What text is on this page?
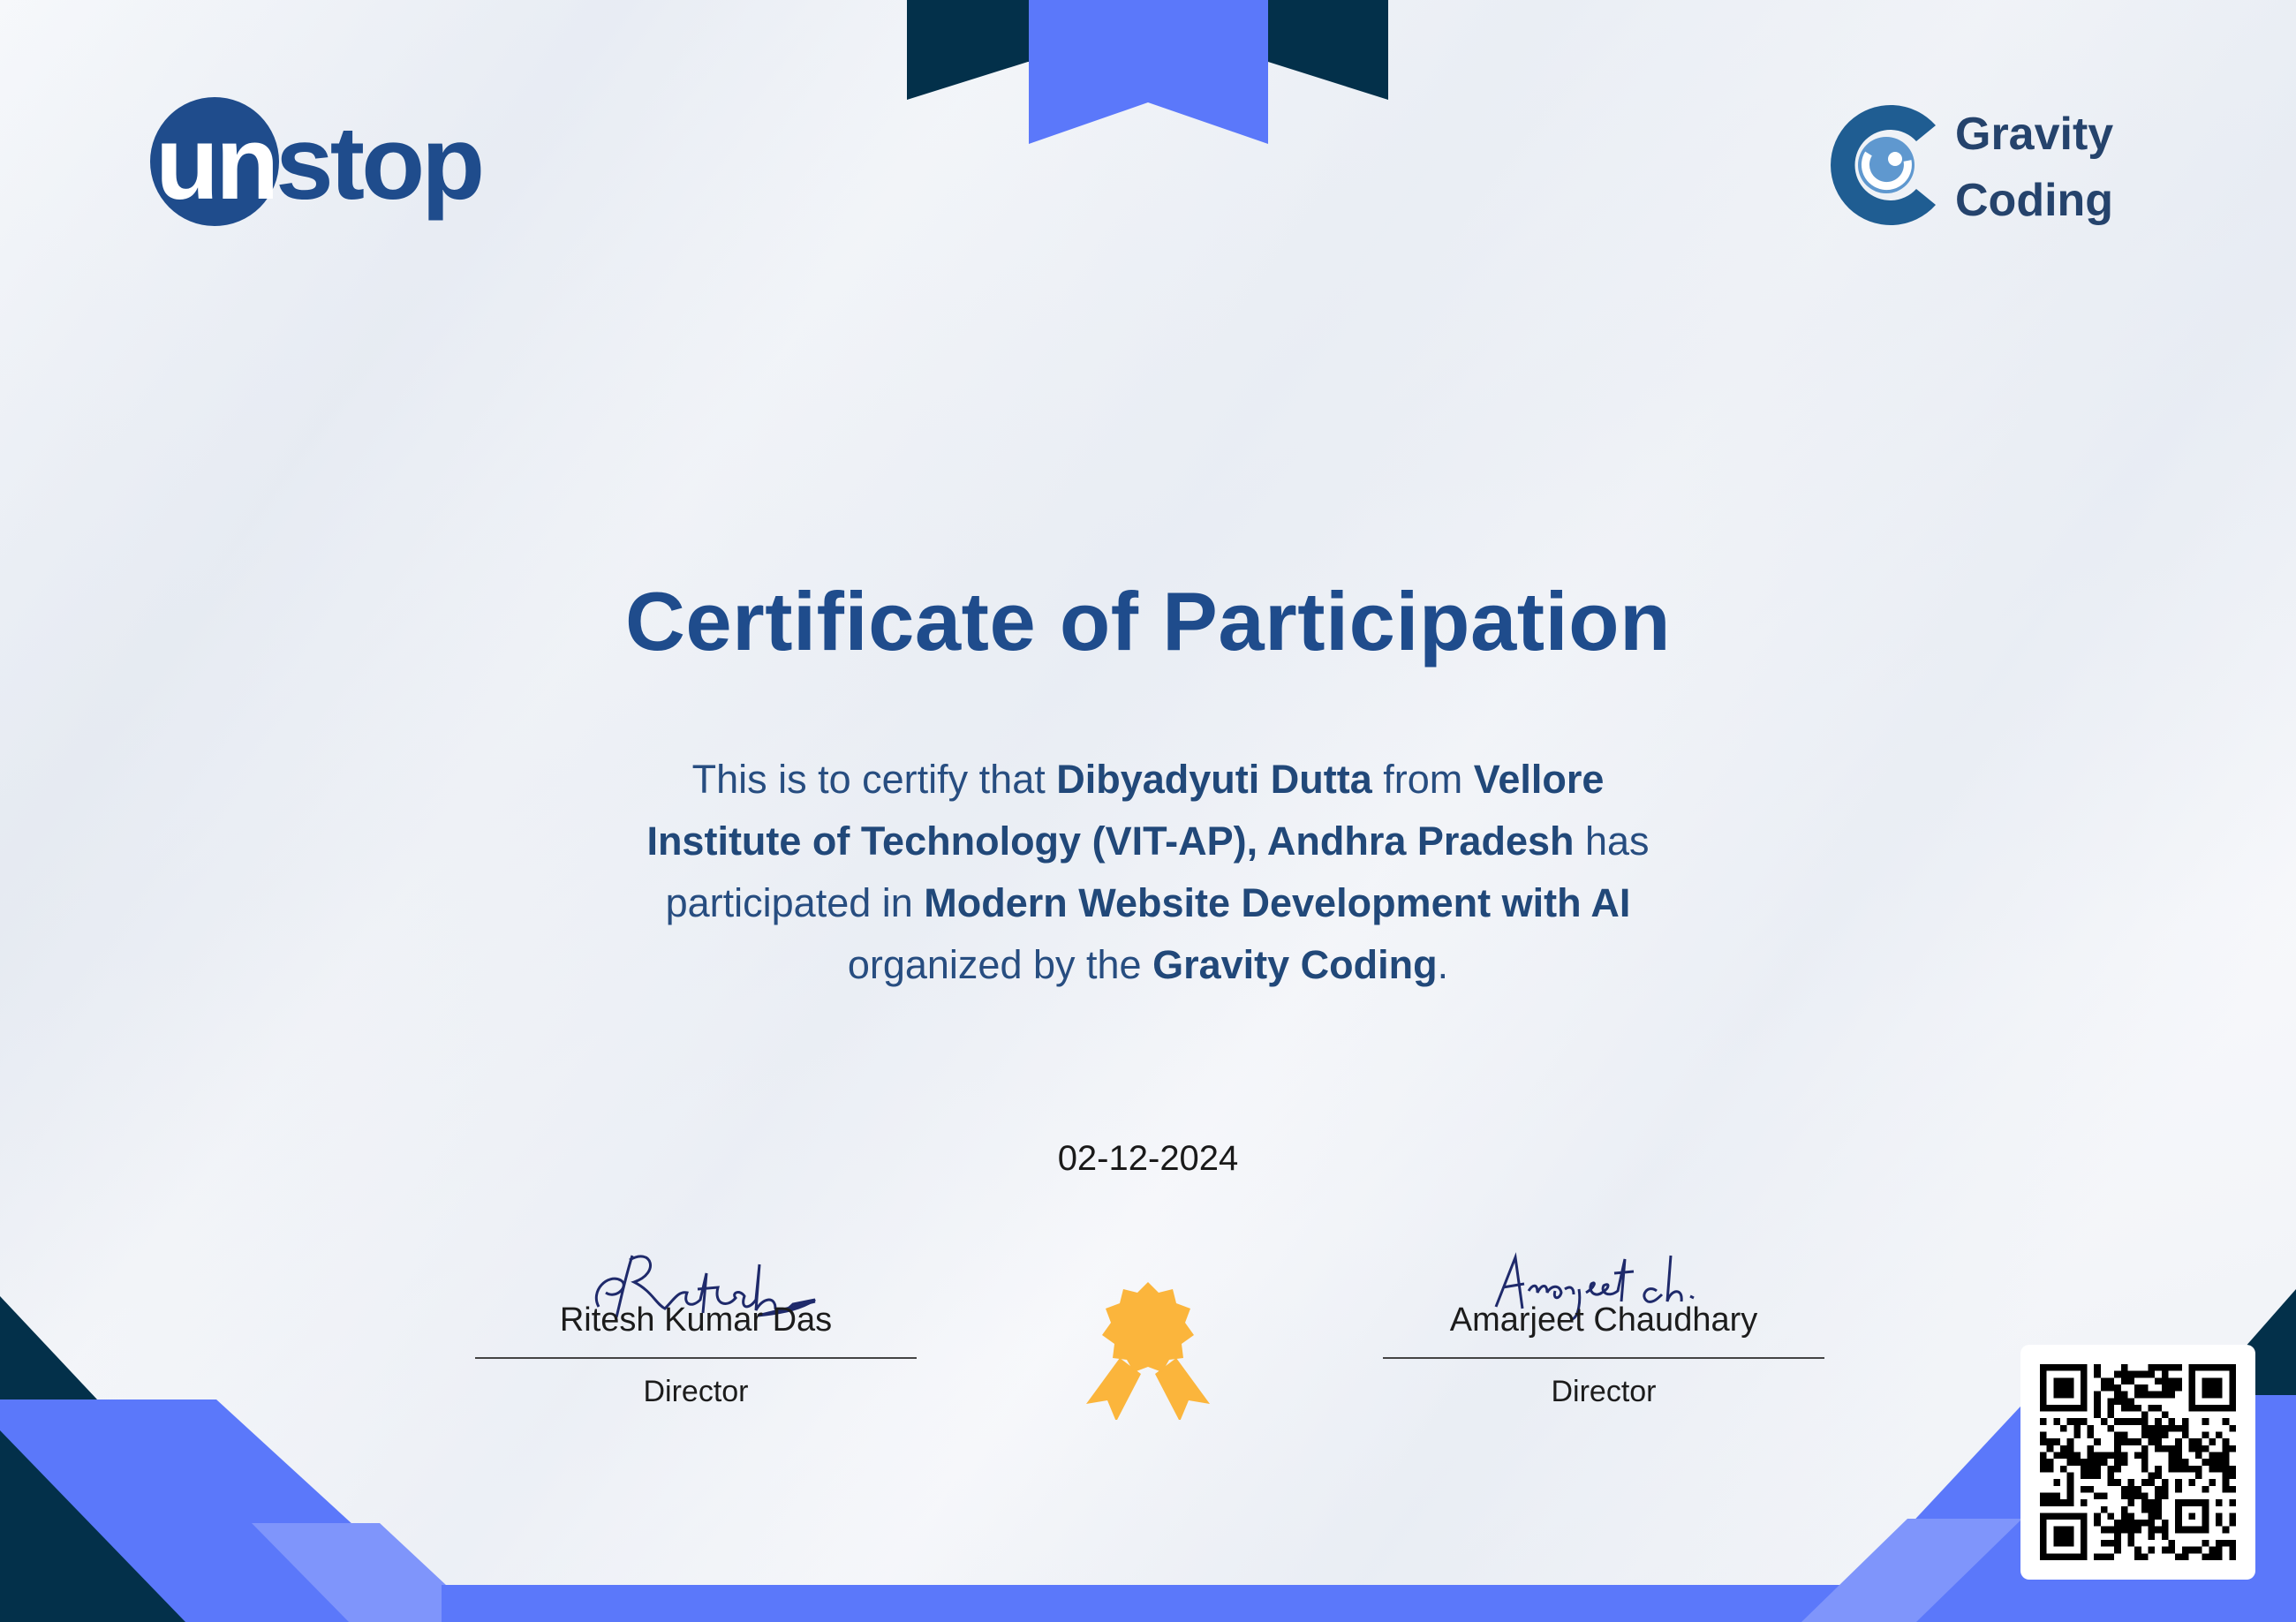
unstop	Gravity
Coding
Certificate of Participation
This is to certify that Dibyadyuti Dutta from Vellore Institute of Technology (VIT-AP), Andhra Pradesh has participated in Modern Website Development with AI organized by the Gravity Coding.
02-12-2024
Ritesh Kumar Das
Director
Amarjeet Chaudhary
Director
